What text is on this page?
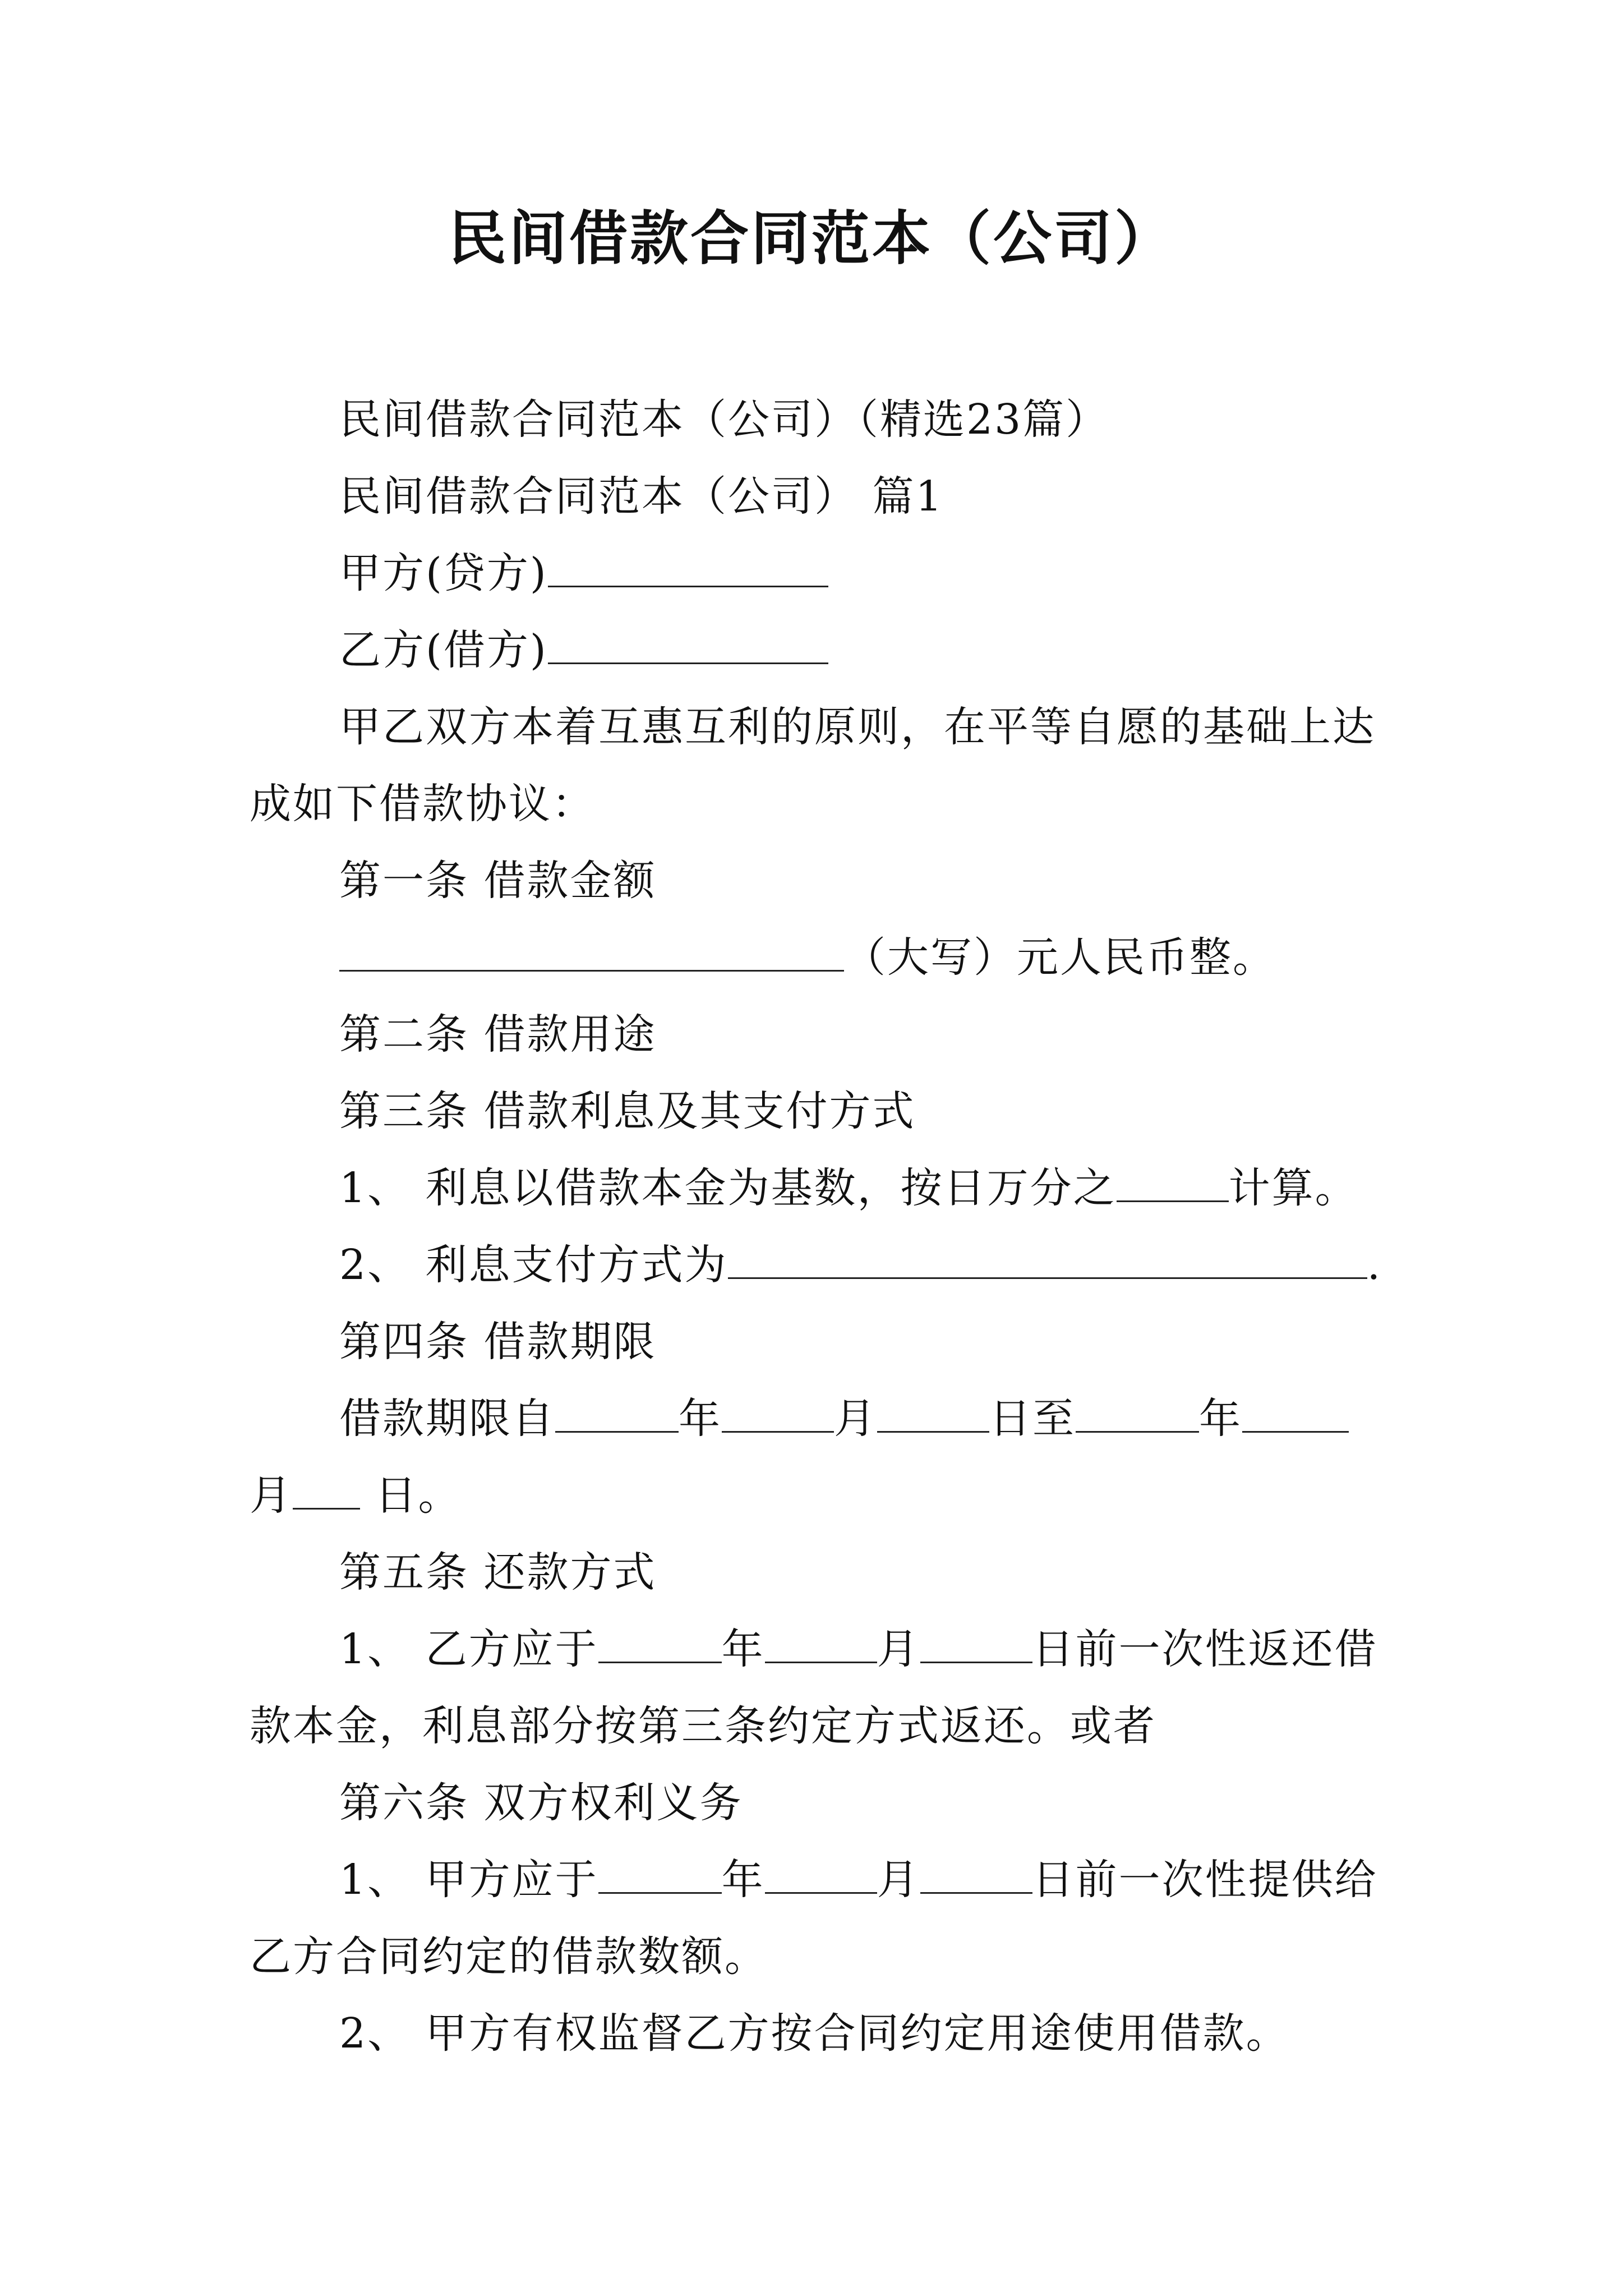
民间借款合同范本（公司）

民间借款合同范本（公司）（精选23篇）

民间借款合同范本（公司） 篇1

甲方(贷方)

乙方(借方)

甲乙双方本着互惠互利的原则，在平等自愿的基础上达成如下借款协议：

第一条 借款金额

（大写）元人民币整。

第二条 借款用途

第三条 借款利息及其支付方式

1、 利息以借款本金为基数，按日万分之	计算。

2、 利息支付方式为	.

第四条 借款期限

借款期限自	年	月	日至	年月 日。

第五条 还款方式

1、 乙方应于	年	月	日前一次性返还借款本金，利息部分按第三条约定方式返还。或者

第六条 双方权利义务

1、 甲方应于	年	月	日前一次性提供给乙方合同约定的借款数额。

2、 甲方有权监督乙方按合同约定用途使用借款。
